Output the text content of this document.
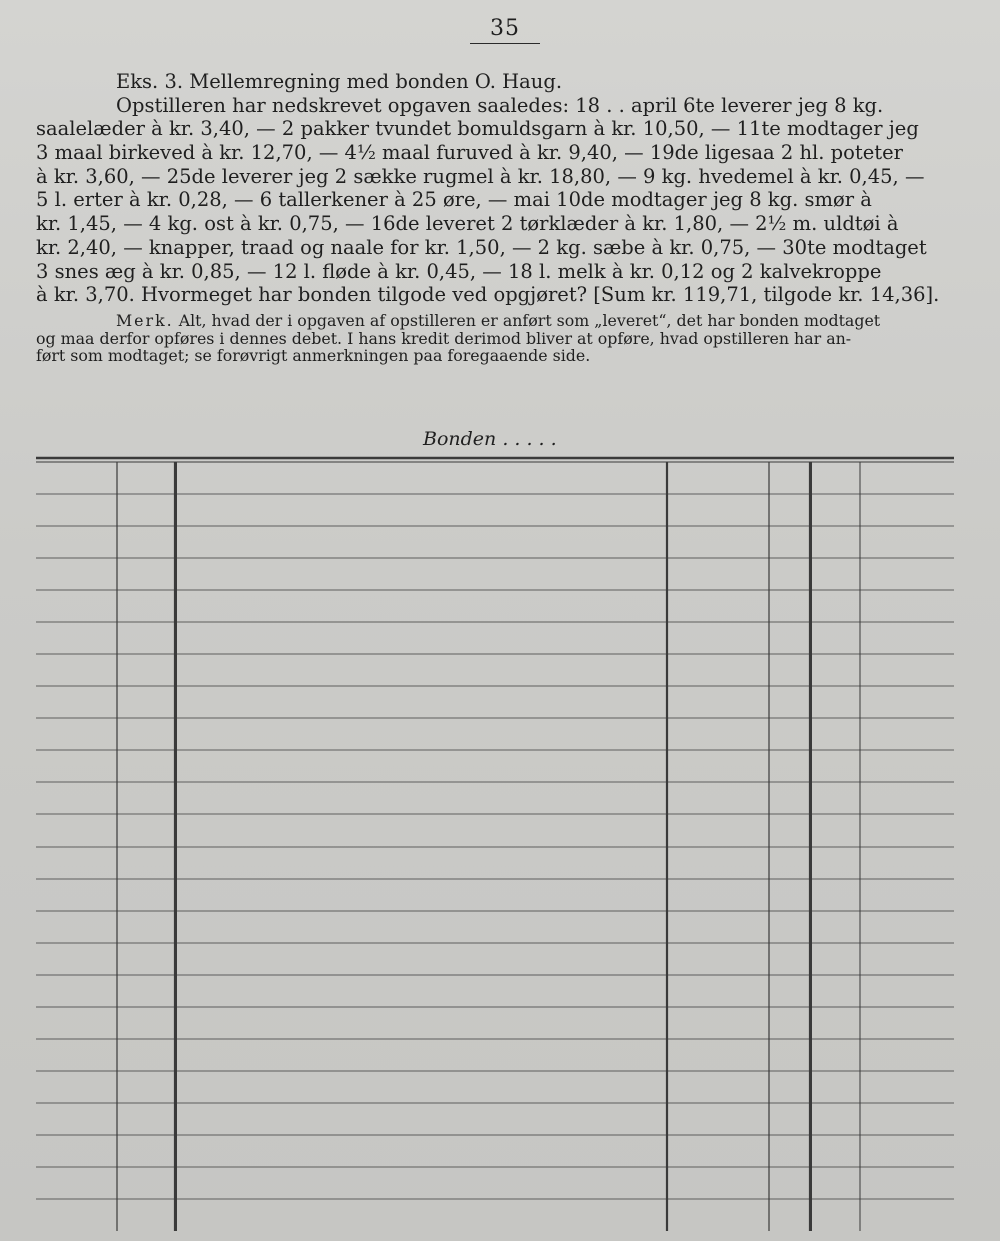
35
Eks. 3. Mellemregning med bonden O. Haug.
Opstilleren har nedskrevet opgaven saaledes: 18 . . april 6te leverer jeg 8 kg.
saalelæder à kr. 3,40, — 2 pakker tvundet bomuldsgarn à kr. 10,50, — 11te modtager jeg
3 maal birkeved à kr. 12,70, — 4½ maal furuved à kr. 9,40, — 19de ligesaa 2 hl. poteter
à kr. 3,60, — 25de leverer jeg 2 sække rugmel à kr. 18,80, — 9 kg. hvedemel à kr. 0,45, —
5 l. erter à kr. 0,28, — 6 tallerkener à 25 øre, — mai 10de modtager jeg 8 kg. smør à
kr. 1,45, — 4 kg. ost à kr. 0,75, — 16de leveret 2 tørklæder à kr. 1,80, — 2½ m. uldtøi à
kr. 2,40, — knapper, traad og naale for kr. 1,50, — 2 kg. sæbe à kr. 0,75, — 30te modtaget
3 snes æg à kr. 0,85, — 12 l. fløde à kr. 0,45, — 18 l. melk à kr. 0,12 og 2 kalvekroppe
à kr. 3,70. Hvormeget har bonden tilgode ved opgjøret? [Sum kr. 119,71, tilgode kr. 14,36].
Merk. Alt, hvad der i opgaven af opstilleren er anført som „leveret“, det har bonden modtaget
og maa derfor opføres i dennes debet. I hans kredit derimod bliver at opføre, hvad opstilleren har an-
ført som modtaget; se forøvrigt anmerkningen paa foregaaende side.
Bonden . . . . .
